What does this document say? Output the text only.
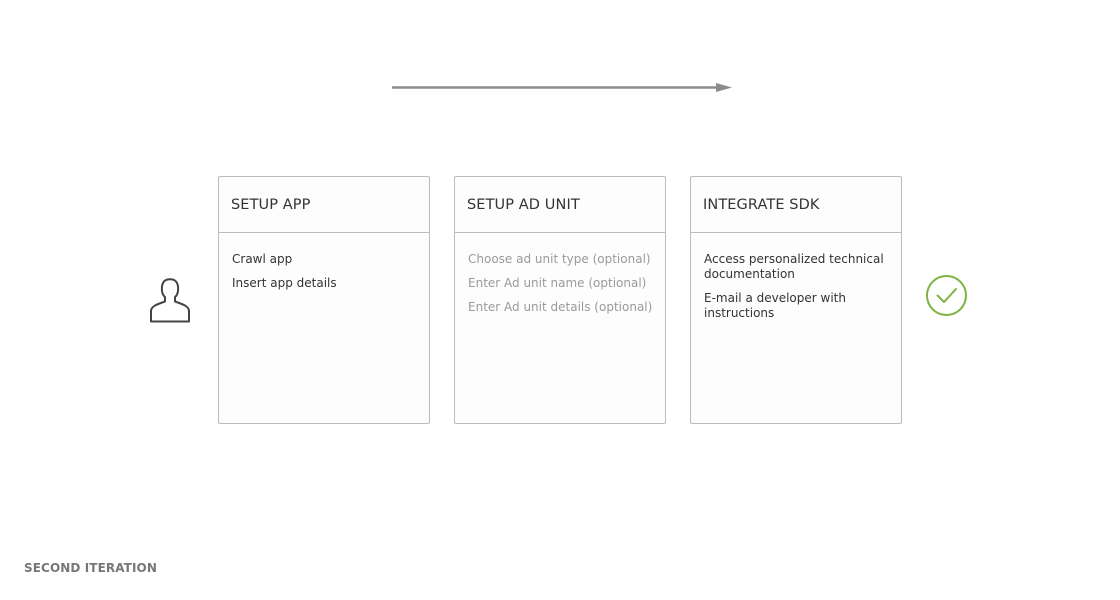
SETUP APP
Crawl app
Insert app details
SETUP AD UNIT
Choose ad unit type (optional)
Enter Ad unit name (optional)
Enter Ad unit details (optional)
INTEGRATE SDK
Access personalized technical documentation
E-mail a developer with instructions
SECOND ITERATION
